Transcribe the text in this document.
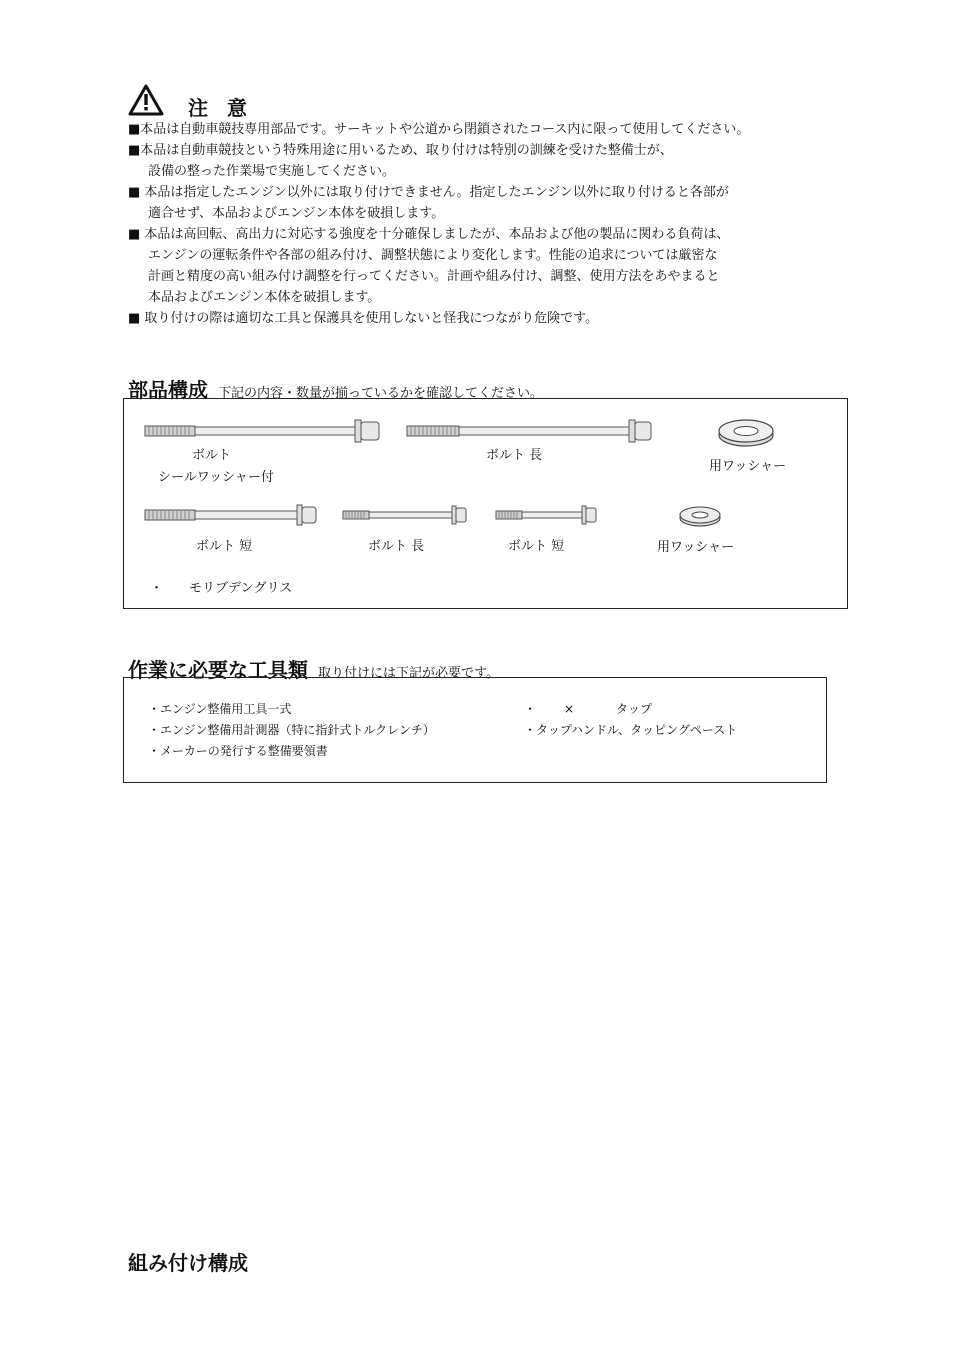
注 意
■本品は自動車競技専用部品です。サーキットや公道から閉鎖されたコース内に限って使用してください。
■本品は自動車競技という特殊用途に用いるため、取り付けは特別の訓練を受けた整備士が、
設備の整った作業場で実施してください。
■ 本品は指定したエンジン以外には取り付けできません。指定したエンジン以外に取り付けると各部が
適合せず、本品およびエンジン本体を破損します。
■ 本品は高回転、高出力に対応する強度を十分確保しましたが、本品および他の製品に関わる負荷は、
エンジンの運転条件や各部の組み付け、調整状態により変化します。性能の追求については厳密な
計画と精度の高い組み付け調整を行ってください。計画や組み付け、調整、使用方法をあやまると
本品およびエンジン本体を破損します。
■ 取り付けの際は適切な工具と保護具を使用しないと怪我につながり危険です。
部品構成 下記の内容・数量が揃っているかを確認してください。
ボルト
シールワッシャー付
ボルト 長
用ワッシャー
ボルト 短	ボルト 長	ボルト 短	用ワッシャー
・ モリブデングリス
作業に必要な工具類 取り付けには下記が必要です。
・エンジン整備用工具一式
・エンジン整備用計測器（特に指針式トルクレンチ）
・メーカーの発行する整備要領書
・ ×	タップ
・タップハンドル、タッピングペースト
組み付け構成
